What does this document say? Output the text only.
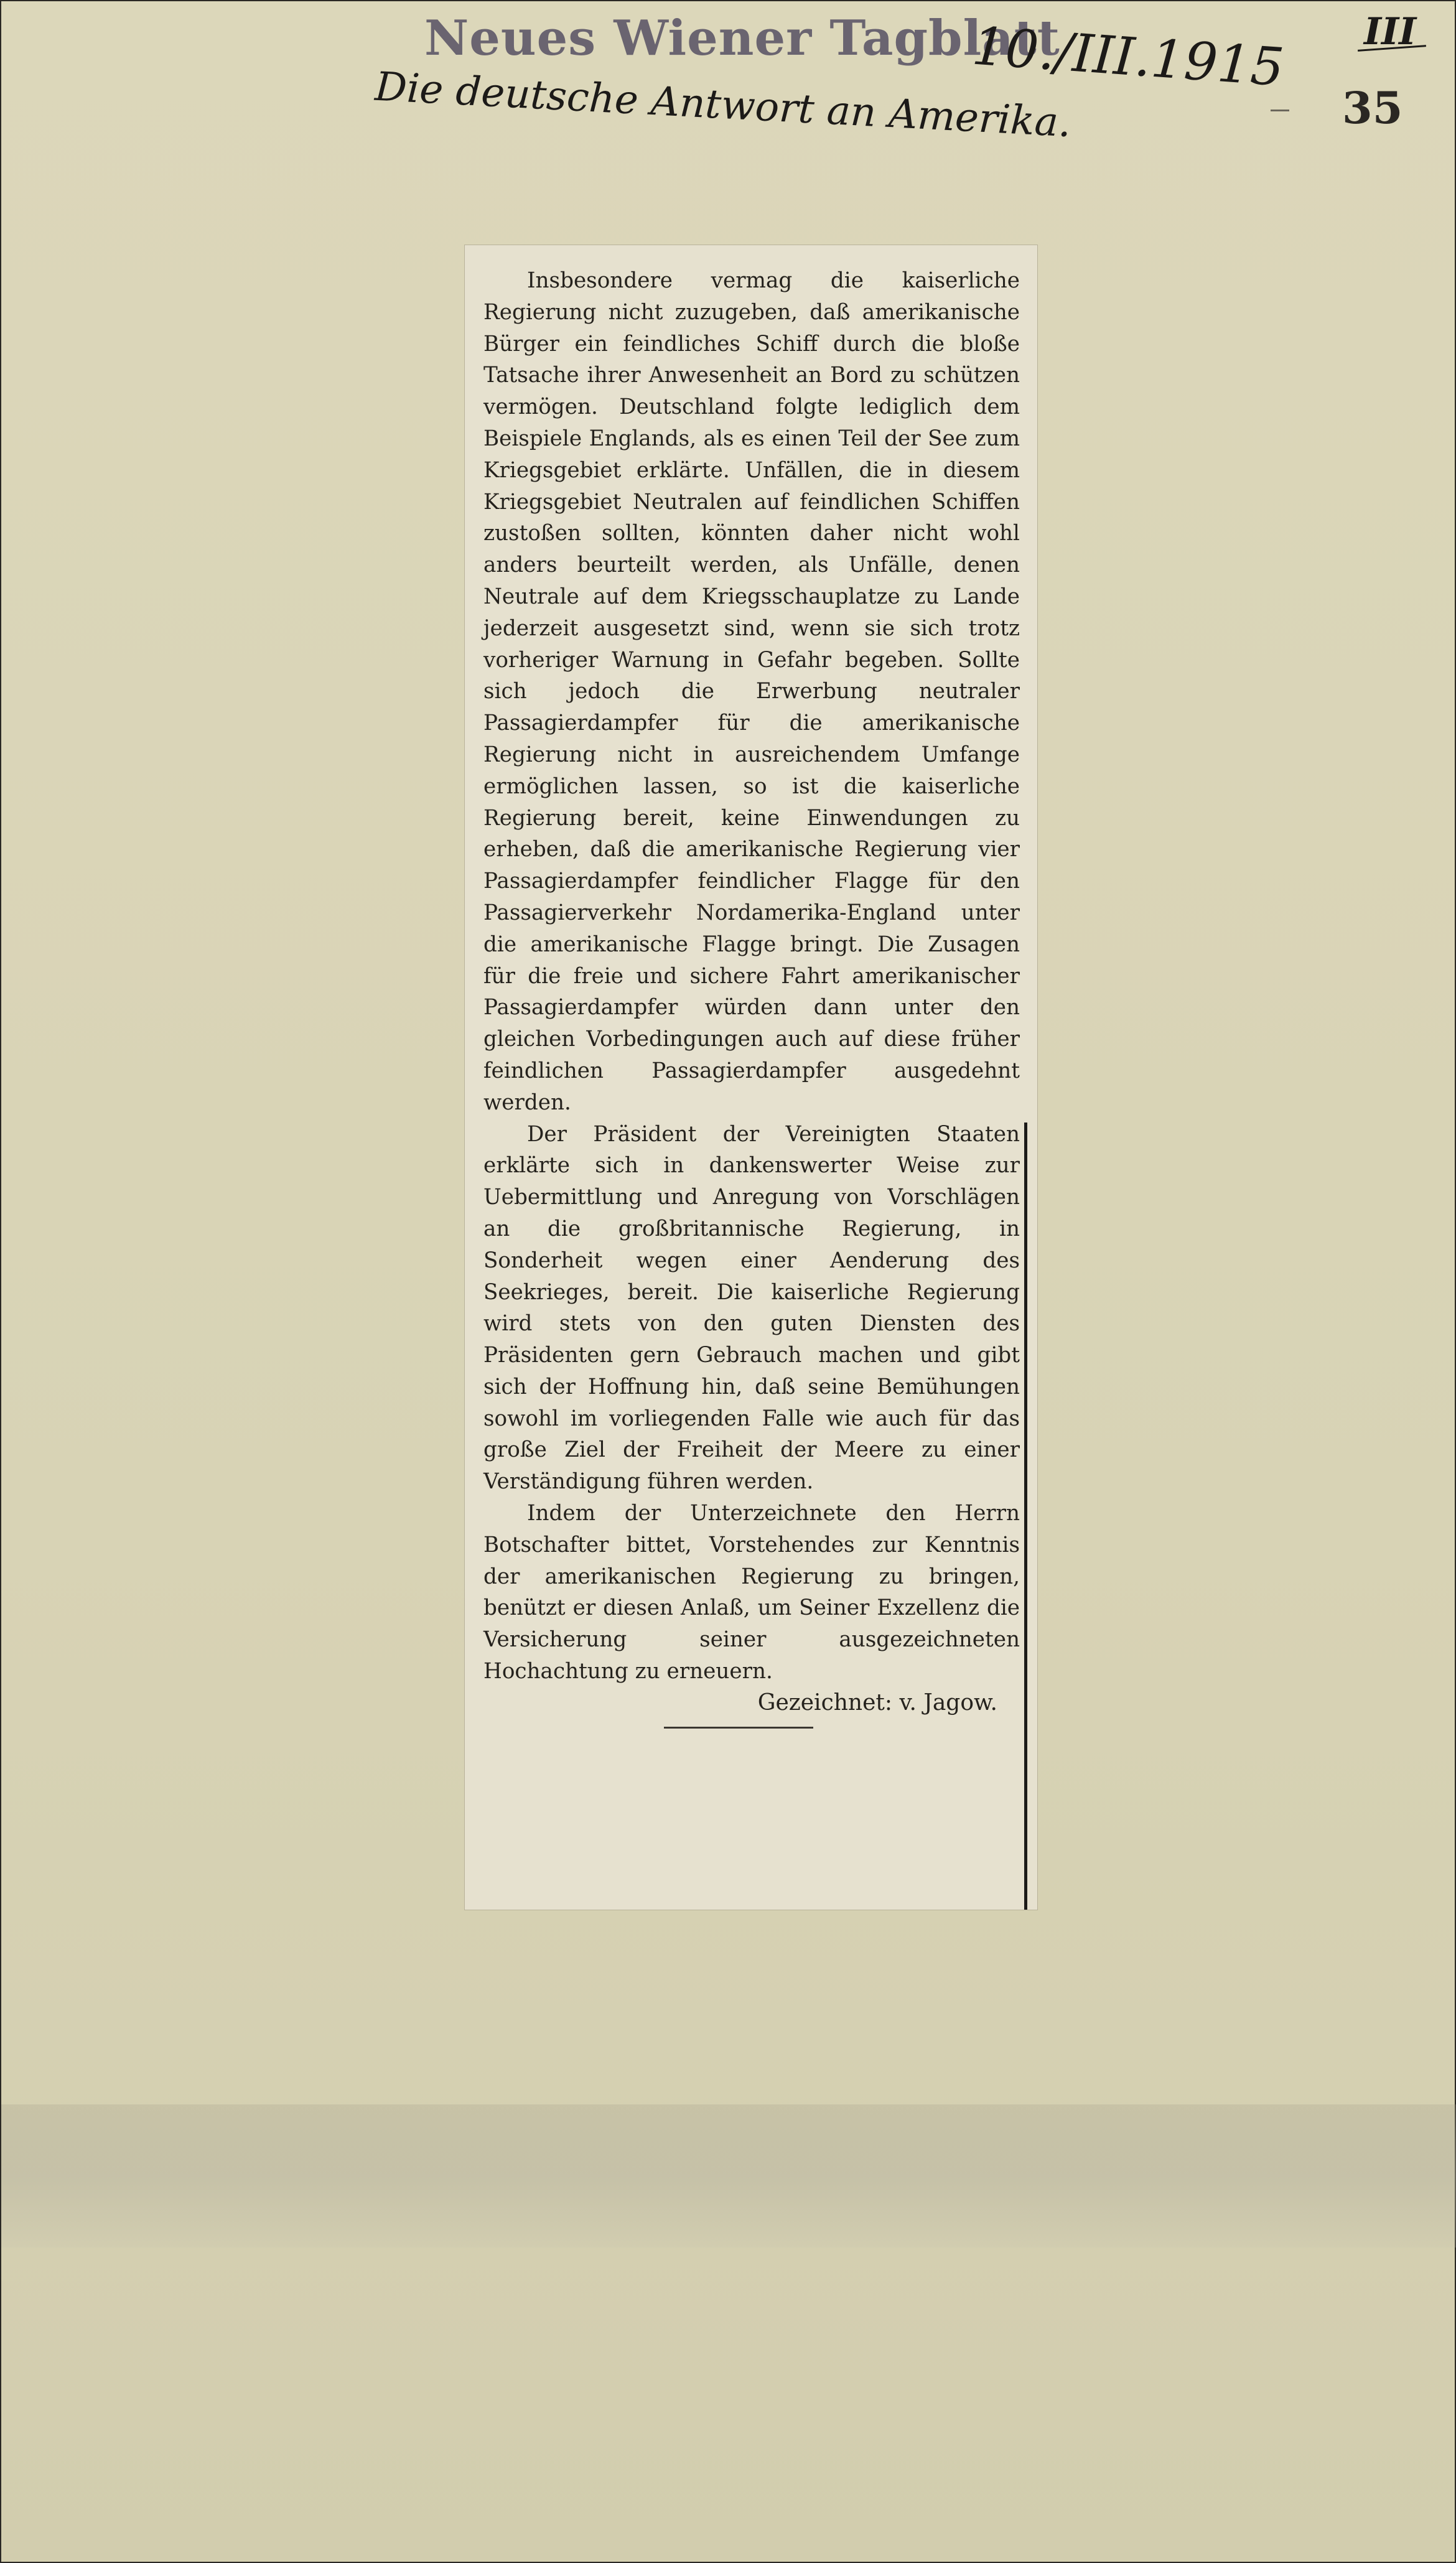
Neues Wiener Tagblatt
10./III.1915
Die deutsche Antwort an Amerika.
III
35

Insbesondere vermag die kaiserliche Regierung nicht zuzugeben, daß amerikanische Bürger ein feindliches Schiff durch die bloße Tatsache ihrer Anwesenheit an Bord zu schützen vermögen. Deutschland folgte lediglich dem Beispiele Englands, als es einen Teil der See zum Kriegsgebiet erklärte. Unfällen, die in diesem Kriegsgebiet Neutralen auf feindlichen Schiffen zustoßen sollten, könnten daher nicht wohl anders beurteilt werden, als Unfälle, denen Neutrale auf dem Kriegsschauplatze zu Lande jederzeit ausgesetzt sind, wenn sie sich trotz vorheriger Warnung in Gefahr begeben. Sollte sich jedoch die Erwerbung neutraler Passagierdampfer für die amerikanische Regierung nicht in ausreichendem Umfange ermöglichen lassen, so ist die kaiserliche Regierung bereit, keine Einwendungen zu erheben, daß die amerikanische Regierung vier Passagierdampfer feindlicher Flagge für den Passagierverkehr Nordamerika-England unter die amerikanische Flagge bringt. Die Zusagen für die freie und sichere Fahrt amerikanischer Passagierdampfer würden dann unter den gleichen Vorbedingungen auch auf diese früher feindlichen Passagierdampfer ausgedehnt werden.

Der Präsident der Vereinigten Staaten erklärte sich in dankenswerter Weise zur Uebermittlung und Anregung von Vorschlägen an die großbritannische Regierung, in Sonderheit wegen einer Aenderung des Seekrieges, bereit. Die kaiserliche Regierung wird stets von den guten Diensten des Präsidenten gern Gebrauch machen und gibt sich der Hoffnung hin, daß seine Bemühungen sowohl im vorliegenden Falle wie auch für das große Ziel der Freiheit der Meere zu einer Verständigung führen werden.

Indem der Unterzeichnete den Herrn Botschafter bittet, Vorstehendes zur Kenntnis der amerikanischen Regierung zu bringen, benützt er diesen Anlaß, um Seiner Exzellenz die Versicherung seiner ausgezeichneten Hochachtung zu erneuern.

Gezeichnet: v. Jagow.
